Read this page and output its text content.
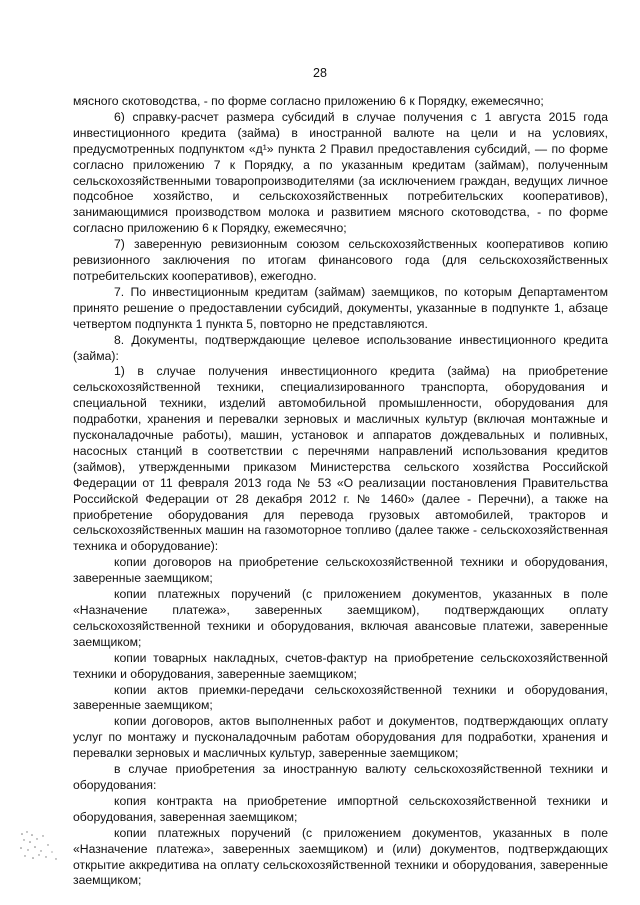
28

мясного скотоводства, - по форме согласно приложению 6 к Порядку, ежемесячно;

6) справку-расчет размера субсидий в случае получения с 1 августа 2015 года инвестиционного кредита (займа) в иностранной валюте на цели и на условиях, предусмотренных подпунктом «д¹» пункта 2 Правил предоставления субсидий, — по форме согласно приложению 7 к Порядку, а по указанным кредитам (займам), полученным сельскохозяйственными товаропроизводителями (за исключением граждан, ведущих личное подсобное хозяйство, и сельскохозяйственных потребительских кооперативов), занимающимися производством молока и развитием мясного скотоводства, - по форме согласно приложению 6 к Порядку, ежемесячно;

7) заверенную ревизионным союзом сельскохозяйственных кооперативов копию ревизионного заключения по итогам финансового года (для сельскохозяйственных потребительских кооперативов), ежегодно.

7. По инвестиционным кредитам (займам) заемщиков, по которым Департаментом принято решение о предоставлении субсидий, документы, указанные в подпункте 1, абзаце четвертом подпункта 1 пункта 5, повторно не представляются.

8. Документы, подтверждающие целевое использование инвестиционного кредита (займа):

1) в случае получения инвестиционного кредита (займа) на приобретение сельскохозяйственной техники, специализированного транспорта, оборудования и специальной техники, изделий автомобильной промышленности, оборудования для подработки, хранения и перевалки зерновых и масличных культур (включая монтажные и пусконаладочные работы), машин, установок и аппаратов дождевальных и поливных, насосных станций в соответствии с перечнями направлений использования кредитов (займов), утвержденными приказом Министерства сельского хозяйства Российской Федерации от 11 февраля 2013 года № 53 «О реализации постановления Правительства Российской Федерации от 28 декабря 2012 г. № 1460» (далее - Перечни), а также на приобретение оборудования для перевода грузовых автомобилей, тракторов и сельскохозяйственных машин на газомоторное топливо (далее также - сельскохозяйственная техника и оборудование):

копии договоров на приобретение сельскохозяйственной техники и оборудования, заверенные заемщиком;

копии платежных поручений (с приложением документов, указанных в поле «Назначение платежа», заверенных заемщиком), подтверждающих оплату сельскохозяйственной техники и оборудования, включая авансовые платежи, заверенные заемщиком;

копии товарных накладных, счетов-фактур на приобретение сельскохозяйственной техники и оборудования, заверенные заемщиком;

копии актов приемки-передачи сельскохозяйственной техники и оборудования, заверенные заемщиком;

копии договоров, актов выполненных работ и документов, подтверждающих оплату услуг по монтажу и пусконаладочным работам оборудования для подработки, хранения и перевалки зерновых и масличных культур, заверенные заемщиком;

в случае приобретения за иностранную валюту сельскохозяйственной техники и оборудования:

копия контракта на приобретение импортной сельскохозяйственной техники и оборудования, заверенная заемщиком;

копии платежных поручений (с приложением документов, указанных в поле «Назначение платежа», заверенных заемщиком) и (или) документов, подтверждающих открытие аккредитива на оплату сельскохозяйственной техники и оборудования, заверенные заемщиком;
